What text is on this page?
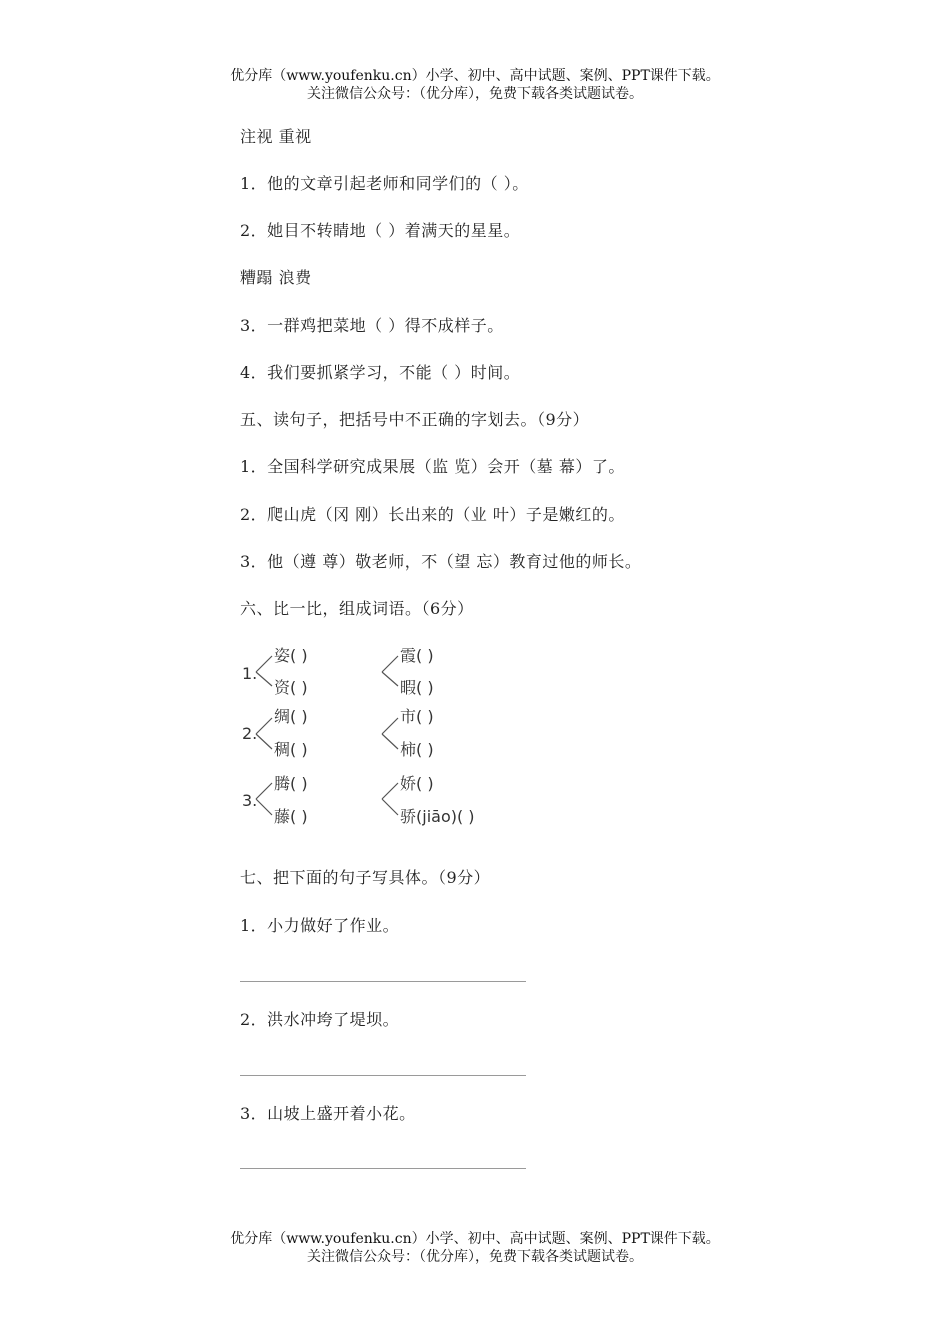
优分库（www.youfenku.cn）小学、初中、高中试题、案例、PPT课件下载。
关注微信公众号：（优分库），免费下载各类试题试卷。
注视 重视
1．他的文章引起老师和同学们的（ ）。
2．她目不转睛地（ ）着满天的星星。
糟蹋 浪费
3．一群鸡把菜地（ ）得不成样子。
4．我们要抓紧学习，不能（ ）时间。
五、读句子，把括号中不正确的字划去。（9分）
1．全国科学研究成果展（监 览）会开（墓 幕）了。
2．爬山虎（冈 刚）长出来的（业 叶）子是嫩红的。
3．他（遵 尊）敬老师，不（望 忘）教育过他的师长。
六、比一比，组成词语。（6分）
1.
姿( )
资( )
霞( )
暇( )
2.
绸( )
稠( )
市( )
柿( )
3.
腾( )
藤( )
娇( )
骄(jiāo)( )
七、把下面的句子写具体。（9分）
1．小力做好了作业。
2．洪水冲垮了堤坝。
3．山坡上盛开着小花。
优分库（www.youfenku.cn）小学、初中、高中试题、案例、PPT课件下载。
关注微信公众号：（优分库），免费下载各类试题试卷。
